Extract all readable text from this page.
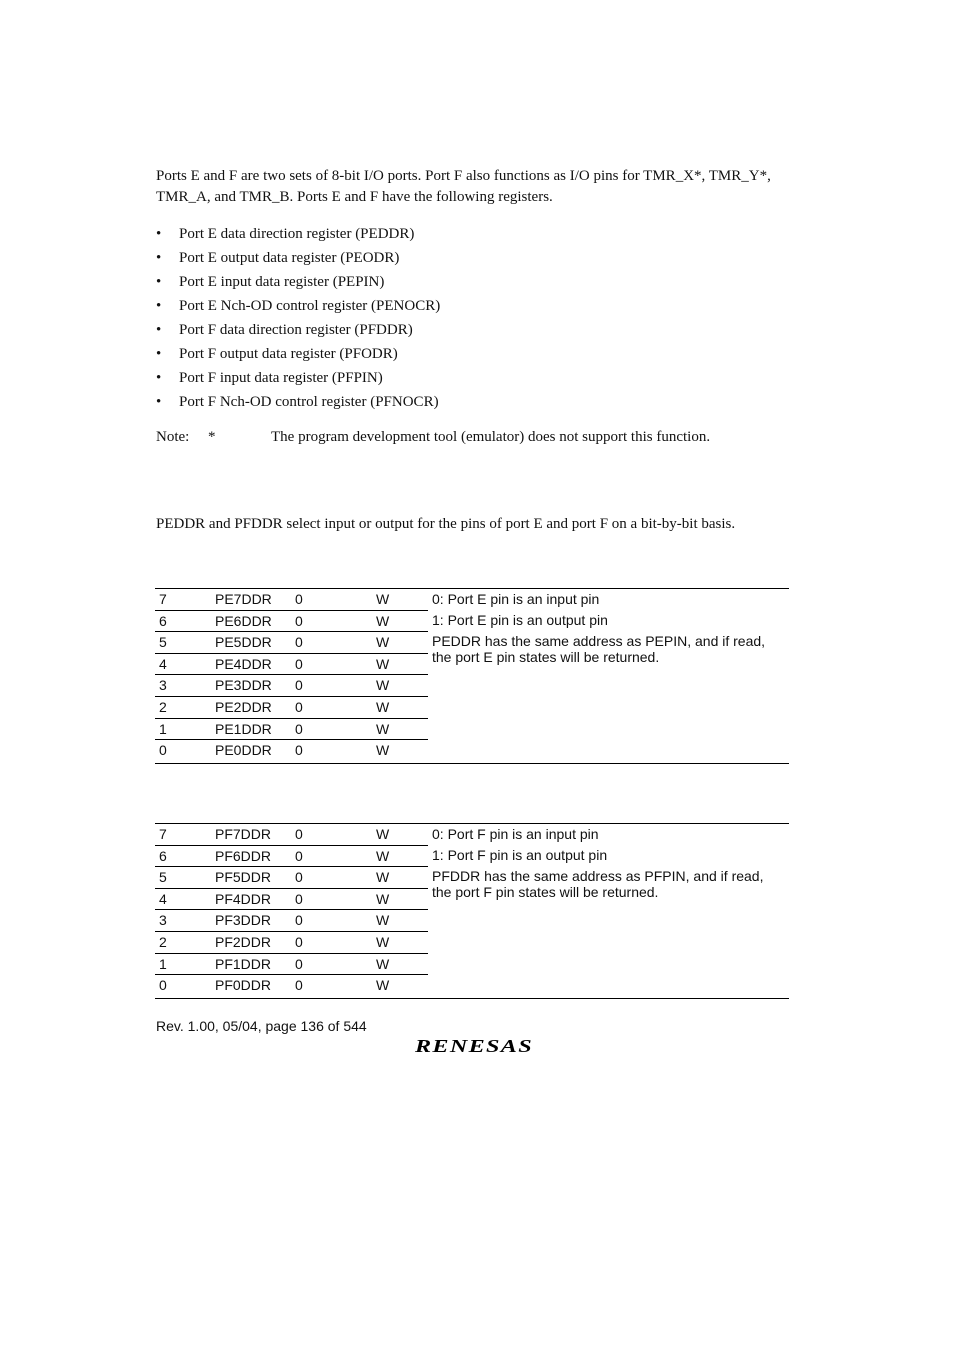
Ports E and F are two sets of 8-bit I/O ports. Port F also functions as I/O pins for TMR_X*, TMR_Y*, TMR_A, and TMR_B. Ports E and F have the following registers.
• Port E data direction register (PEDDR)
• Port E output data register (PEODR)
• Port E input data register (PEPIN)
• Port E Nch-OD control register (PENOCR)
• Port F data direction register (PFDDR)
• Port F output data register (PFODR)
• Port F input data register (PFPIN)
• Port F Nch-OD control register (PFNOCR)
Note: *	The program development tool (emulator) does not support this function.
PEDDR and PFDDR select input or output for the pins of port E and port F on a bit-by-bit basis.
7	PE7DDR 0	W
6	PE6DDR 0	W
5	PE5DDR 0	W
4	PE4DDR 0	W
3	PE3DDR 0	W
2	PE2DDR 0	W
1	PE1DDR 0	W
0	PE0DDR 0	W
0: Port E pin is an input pin
1: Port E pin is an output pin
PEDDR has the same address as PEPIN, and if read,
the port E pin states will be returned.
7	PF7DDR 0	W
6	PF6DDR 0	W
5	PF5DDR 0	W
4	PF4DDR 0	W
3	PF3DDR 0	W
2	PF2DDR 0	W
1	PF1DDR 0	W
0	PF0DDR 0	W
0: Port F pin is an input pin
1: Port F pin is an output pin
PFDDR has the same address as PFPIN, and if read,
the port F pin states will be returned.
Rev. 1.00, 05/04, page 136 of 544
RENESAS
